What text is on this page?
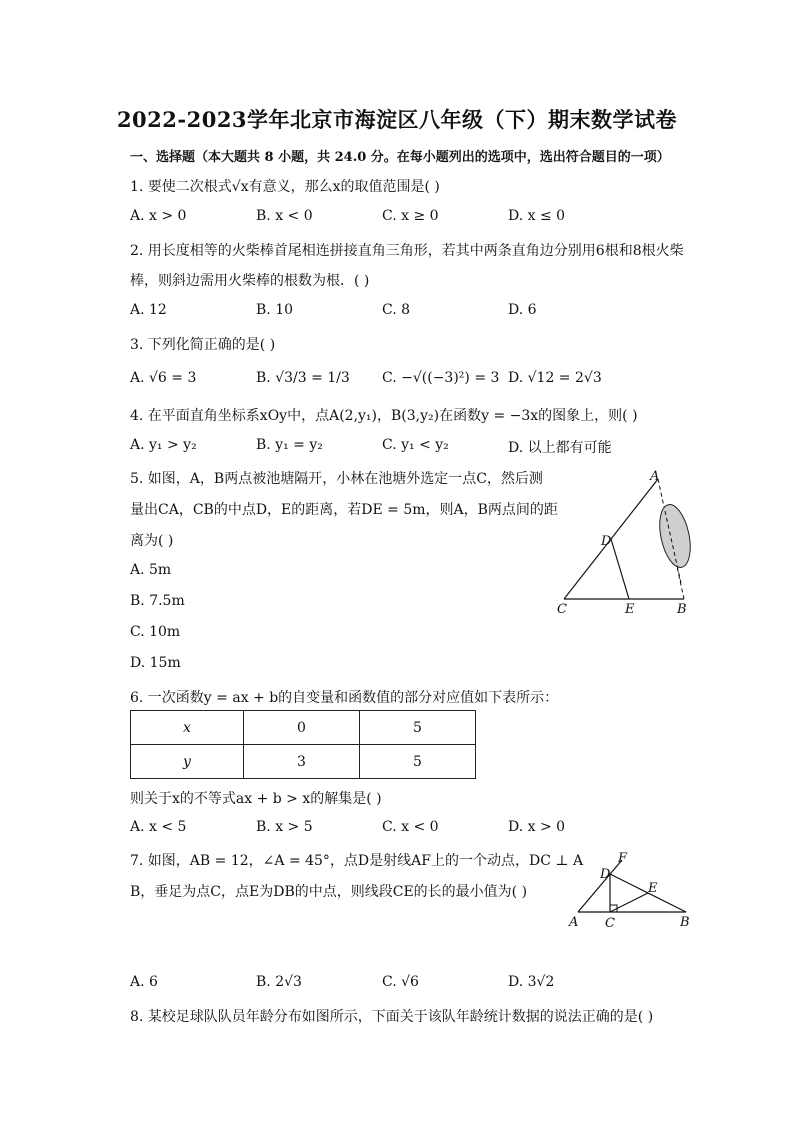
2022-2023学年北京市海淀区八年级（下）期末数学试卷
一、选择题（本大题共 8 小题，共 24.0 分。在每小题列出的选项中，选出符合题目的一项）
1. 要使二次根式√x有意义，那么x的取值范围是( )
A. x > 0	B. x < 0	C. x ≥ 0	D. x ≤ 0
2. 用长度相等的火柴棒首尾相连拼接直角三角形，若其中两条直角边分别用6根和8根火柴
棒，则斜边需用火柴棒的根数为根．( )
A. 12	B. 10	C. 8	D. 6
3. 下列化简正确的是( )
A. √6 = 3	B. √3/3 = 1/3 C. −√((−3)²) = 3 D. √12 = 2√3
4. 在平面直角坐标系xOy中，点A(2,y₁)，B(3,y₂)在函数y = −3x的图象上，则( )
A. y₁ > y₂	B. y₁ = y₂	C. y₁ < y₂	D. 以上都有可能
5. 如图，A，B两点被池塘隔开，小林在池塘外选定一点C，然后测
量出CA，CB的中点D，E的距离，若DE = 5m，则A，B两点间的距
离为( )
A. 5m
B. 7.5m
C. 10m
D. 15m
A
D
C	E	B
6. 一次函数y = ax + b的自变量和函数值的部分对应值如下表所示：
x	0	5
y	3	5
则关于x的不等式ax + b > x的解集是( )
A. x < 5	B. x > 5	C. x < 0	D. x > 0
7. 如图，AB = 12，∠A = 45°，点D是射线AF上的一个动点，DC ⊥ A
B，垂足为点C，点E为DB的中点，则线段CE的长的最小值为( )
F
D
E
A C	B
A. 6	B. 2√3	C. √6	D. 3√2
8. 某校足球队队员年龄分布如图所示，下面关于该队年龄统计数据的说法正确的是( )
